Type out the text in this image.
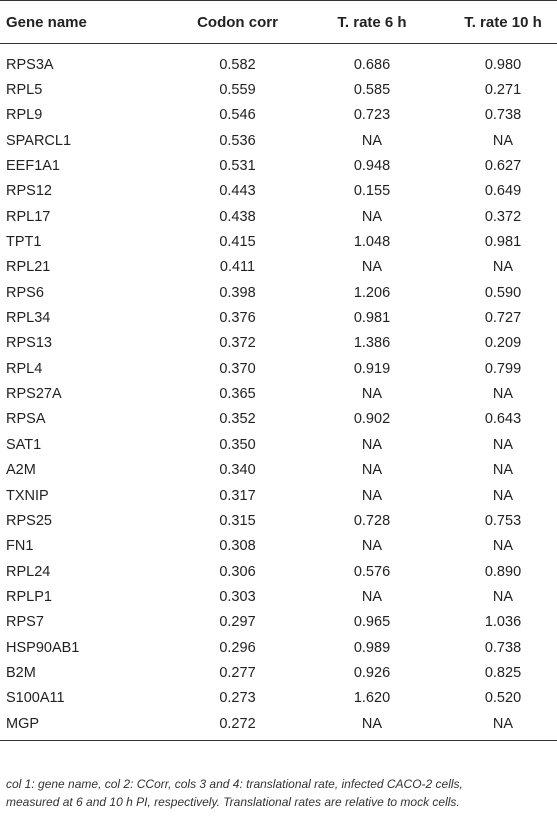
Gene name	Codon corr	T. rate 6 h	T. rate 10 h
RPS3A	0.582	0.686	0.980
RPL5	0.559	0.585	0.271
RPL9	0.546	0.723	0.738
SPARCL1	0.536	NA	NA
EEF1A1	0.531	0.948	0.627
RPS12	0.443	0.155	0.649
RPL17	0.438	NA	0.372
TPT1	0.415	1.048	0.981
RPL21	0.411	NA	NA
RPS6	0.398	1.206	0.590
RPL34	0.376	0.981	0.727
RPS13	0.372	1.386	0.209
RPL4	0.370	0.919	0.799
RPS27A	0.365	NA	NA
RPSA	0.352	0.902	0.643
SAT1	0.350	NA	NA
A2M	0.340	NA	NA
TXNIP	0.317	NA	NA
RPS25	0.315	0.728	0.753
FN1	0.308	NA	NA
RPL24	0.306	0.576	0.890
RPLP1	0.303	NA	NA
RPS7	0.297	0.965	1.036
HSP90AB1	0.296	0.989	0.738
B2M	0.277	0.926	0.825
S100A11	0.273	1.620	0.520
MGP	0.272	NA	NA
col 1: gene name, col 2: CCorr, cols 3 and 4: translational rate, infected CACO-2 cells,
measured at 6 and 10 h PI, respectively. Translational rates are relative to mock cells.
